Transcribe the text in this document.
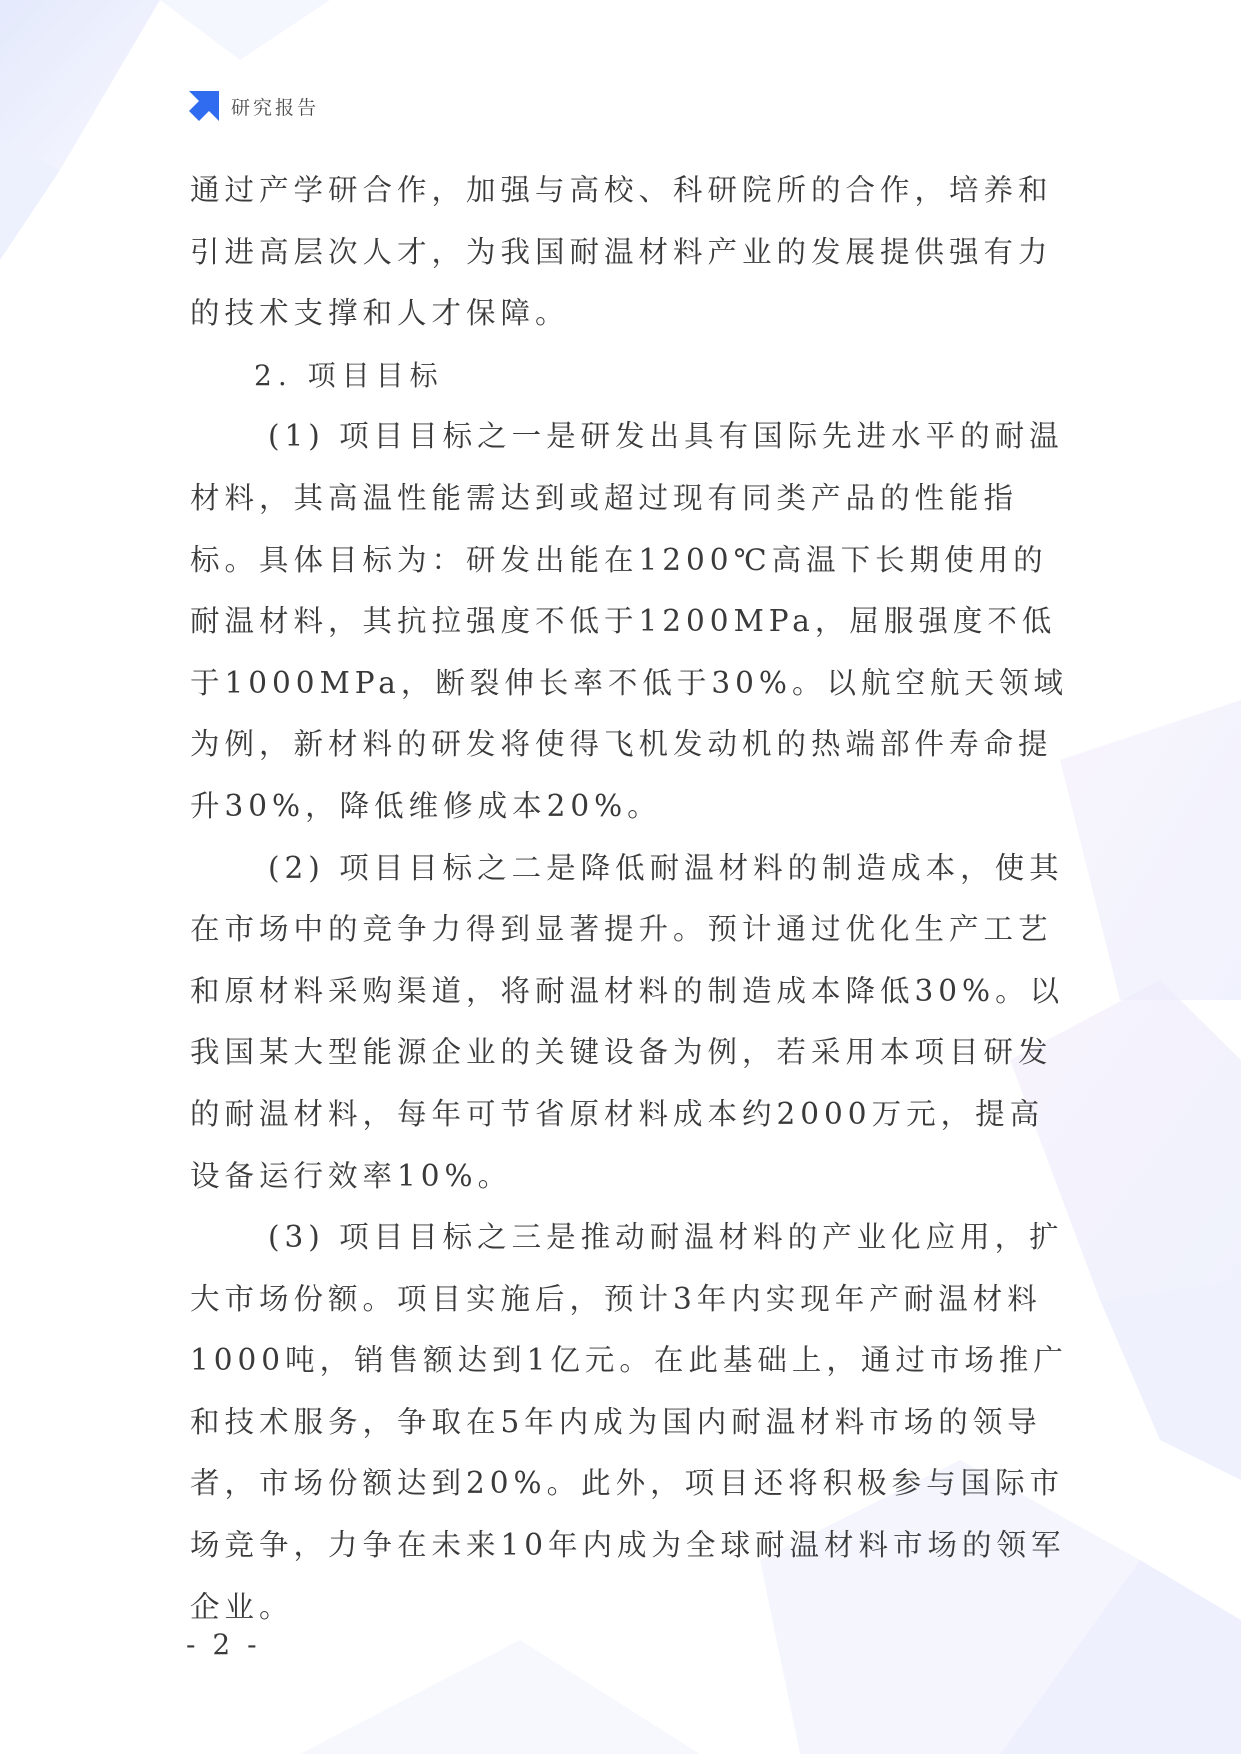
研究报告

通过产学研合作，加强与高校、科研院所的合作，培养和引进高层次人才，为我国耐温材料产业的发展提供强有力的技术支撑和人才保障。

2. 项目目标

(1) 项目目标之一是研发出具有国际先进水平的耐温材料，其高温性能需达到或超过现有同类产品的性能指标。具体目标为：研发出能在1200℃高温下长期使用的耐温材料，其抗拉强度不低于1200MPa，屈服强度不低于1000MPa，断裂伸长率不低于30%。以航空航天领域为例，新材料的研发将使得飞机发动机的热端部件寿命提升30%，降低维修成本20%。

(2) 项目目标之二是降低耐温材料的制造成本，使其在市场中的竞争力得到显著提升。预计通过优化生产工艺和原材料采购渠道，将耐温材料的制造成本降低30%。以我国某大型能源企业的关键设备为例，若采用本项目研发的耐温材料，每年可节省原材料成本约2000万元，提高设备运行效率10%。

(3) 项目目标之三是推动耐温材料的产业化应用，扩大市场份额。项目实施后，预计3年内实现年产耐温材料1000吨，销售额达到1亿元。在此基础上，通过市场推广和技术服务，争取在5年内成为国内耐温材料市场的领导者，市场份额达到20%。此外，项目还将积极参与国际市场竞争，力争在未来10年内成为全球耐温材料市场的领军企业。

- 2 -
